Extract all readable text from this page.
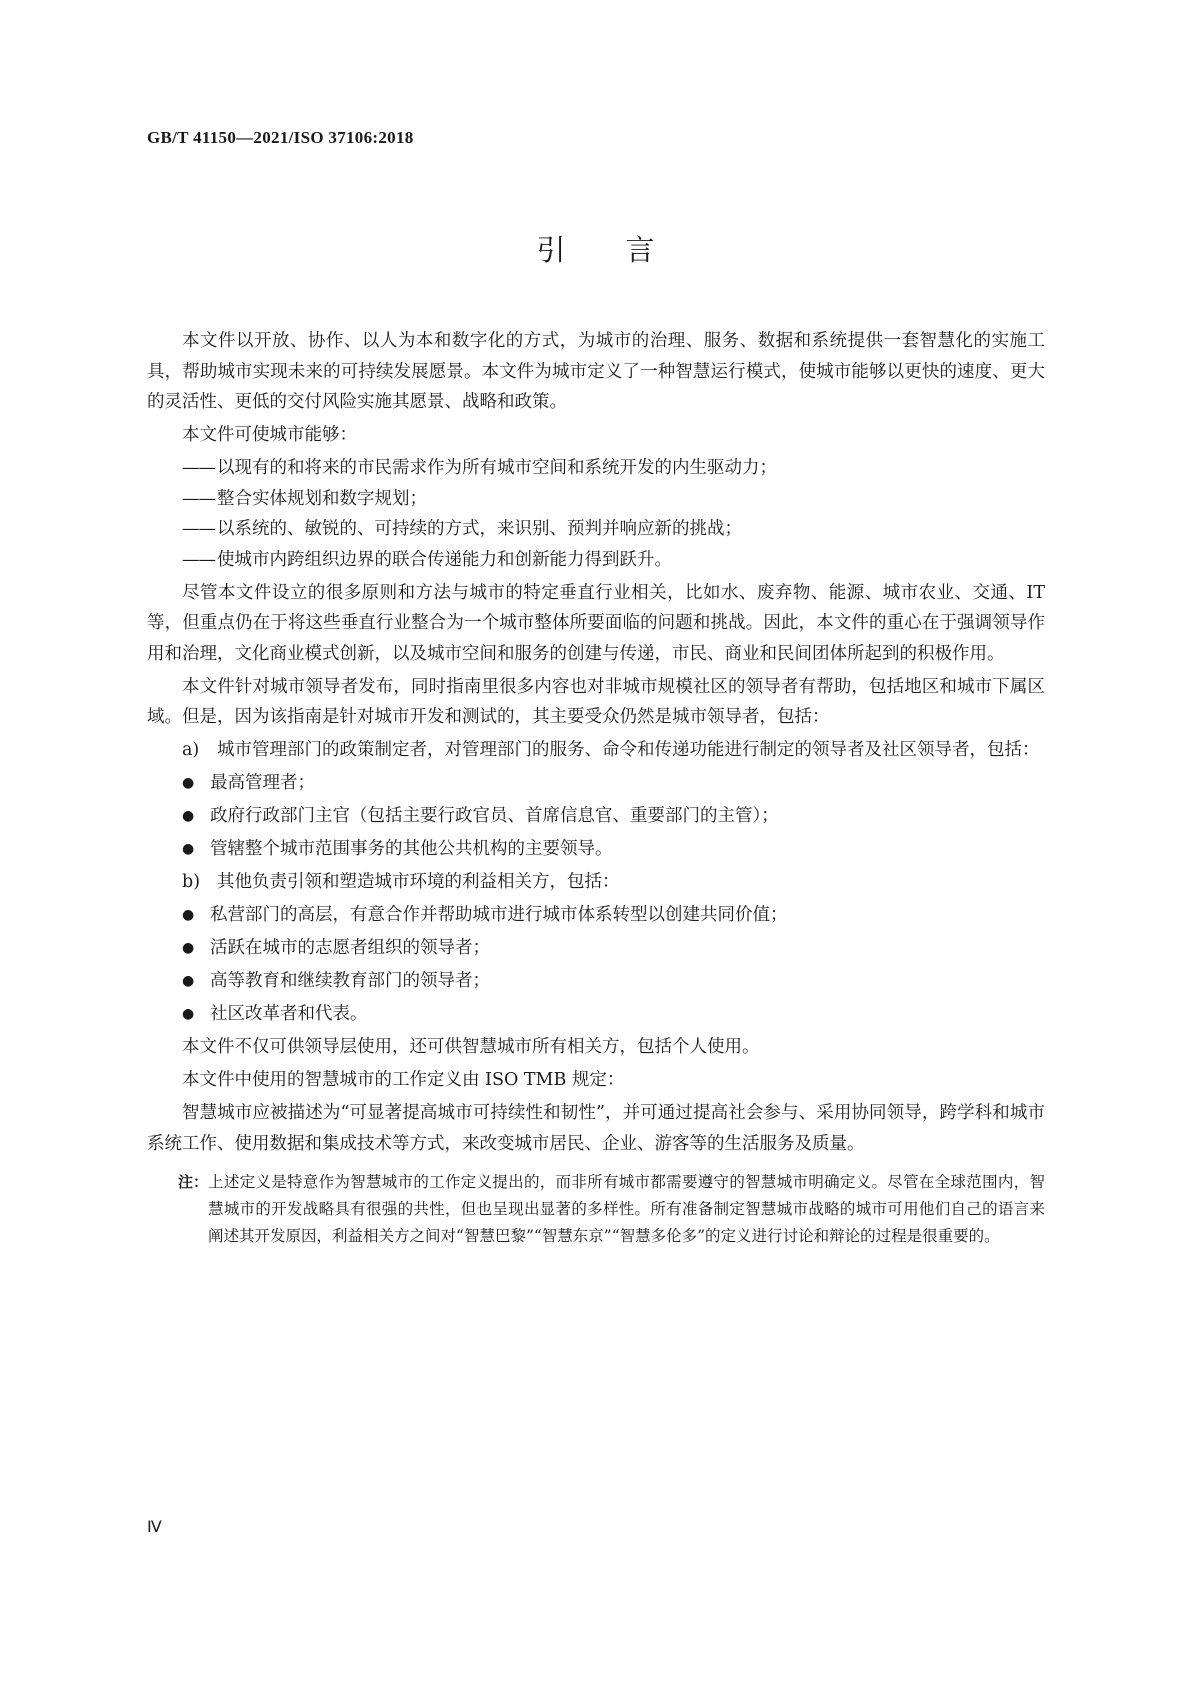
GB/T 41150—2021/ISO 37106:2018
引言

本文件以开放、协作、以人为本和数字化的方式，为城市的治理、服务、数据和系统提供一套智慧化的实施工具，帮助城市实现未来的可持续发展愿景。本文件为城市定义了一种智慧运行模式，使城市能够以更快的速度、更大的灵活性、更低的交付风险实施其愿景、战略和政策。

本文件可使城市能够：

—— 以现有的和将来的市民需求作为所有城市空间和系统开发的内生驱动力；
—— 整合实体规划和数字规划；
—— 以系统的、敏锐的、可持续的方式，来识别、预判并响应新的挑战；
—— 使城市内跨组织边界的联合传递能力和创新能力得到跃升。

尽管本文件设立的很多原则和方法与城市的特定垂直行业相关，比如水、废弃物、能源、城市农业、交通、IT 等，但重点仍在于将这些垂直行业整合为一个城市整体所要面临的问题和挑战。因此，本文件的重心在于强调领导作用和治理，文化商业模式创新，以及城市空间和服务的创建与传递，市民、商业和民间团体所起到的积极作用。

本文件针对城市领导者发布，同时指南里很多内容也对非城市规模社区的领导者有帮助，包括地区和城市下属区域。但是，因为该指南是针对城市开发和测试的，其主要受众仍然是城市领导者，包括：

a)	城市管理部门的政策制定者，对管理部门的服务、命令和传递功能进行制定的领导者及社区领导者，包括：
● 最高管理者；
● 政府行政部门主官（包括主要行政官员、首席信息官、重要部门的主管）；
● 管辖整个城市范围事务的其他公共机构的主要领导。
b) 其他负责引领和塑造城市环境的利益相关方，包括：
● 私营部门的高层，有意合作并帮助城市进行城市体系转型以创建共同价值；
● 活跃在城市的志愿者组织的领导者；
● 高等教育和继续教育部门的领导者；
● 社区改革者和代表。

本文件不仅可供领导层使用，还可供智慧城市所有相关方，包括个人使用。

本文件中使用的智慧城市的工作定义由 ISO TMB 规定：

智慧城市应被描述为“可显著提高城市可持续性和韧性”，并可通过提高社会参与、采用协同领导，跨学科和城市系统工作、使用数据和集成技术等方式，来改变城市居民、企业、游客等的生活服务及质量。

注： 上述定义是特意作为智慧城市的工作定义提出的，而非所有城市都需要遵守的智慧城市明确定义。尽管在全球范围内，智慧城市的开发战略具有很强的共性，但也呈现出显著的多样性。所有准备制定智慧城市战略的城市可用他们自己的语言来阐述其开发原因，利益相关方之间对“智慧巴黎”“智慧东京”“智慧多伦多”的定义进行讨论和辩论的过程是很重要的。
Ⅳ
